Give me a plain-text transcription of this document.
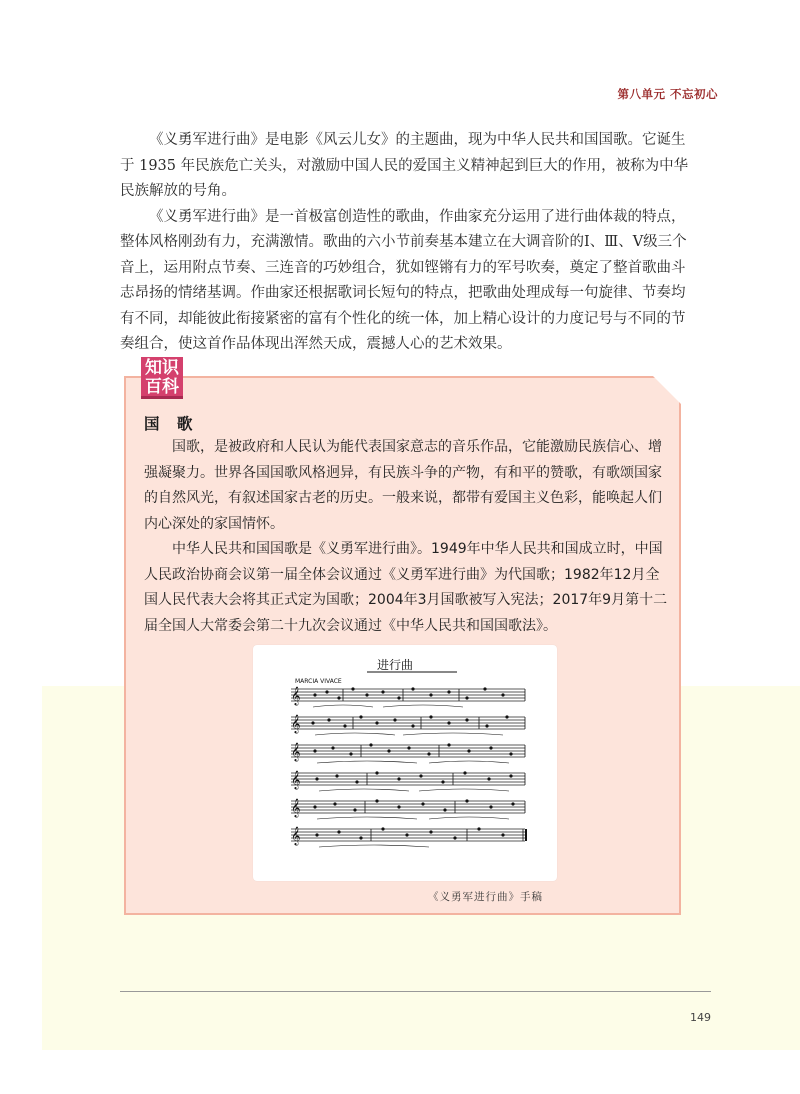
第八单元 不忘初心

《义勇军进行曲》是电影《风云儿女》的主题曲，现为中华人民共和国国歌。它诞生于 1935 年民族危亡关头，对激励中国人民的爱国主义精神起到巨大的作用，被称为中华民族解放的号角。

《义勇军进行曲》是一首极富创造性的歌曲，作曲家充分运用了进行曲体裁的特点，整体风格刚劲有力，充满激情。歌曲的六小节前奏基本建立在大调音阶的Ⅰ、Ⅲ、Ⅴ级三个音上，运用附点节奏、三连音的巧妙组合，犹如铿锵有力的军号吹奏，奠定了整首歌曲斗志昂扬的情绪基调。作曲家还根据歌词长短句的特点，把歌曲处理成每一句旋律、节奏均有不同，却能彼此衔接紧密的富有个性化的统一体，加上精心设计的力度记号与不同的节奏组合，使这首作品体现出浑然天成，震撼人心的艺术效果。

知识
百科
国 歌

国歌，是被政府和人民认为能代表国家意志的音乐作品，它能激励民族信心、增强凝聚力。世界各国国歌风格迥异，有民族斗争的产物，有和平的赞歌，有歌颂国家的自然风光，有叙述国家古老的历史。一般来说，都带有爱国主义色彩，能唤起人们内心深处的家国情怀。

中华人民共和国国歌是《义勇军进行曲》。1949年中华人民共和国成立时，中国人民政治协商会议第一届全体会议通过《义勇军进行曲》为代国歌；1982年12月全国人民代表大会将其正式定为国歌；2004年3月国歌被写入宪法；2017年9月第十二届全国人大常委会第二十九次会议通过《中华人民共和国国歌法》。

进行曲
MARCIA VIVACE
𝄞
𝄞
𝄞
𝄞
𝄞
𝄞
《义勇军进行曲》手稿
149
